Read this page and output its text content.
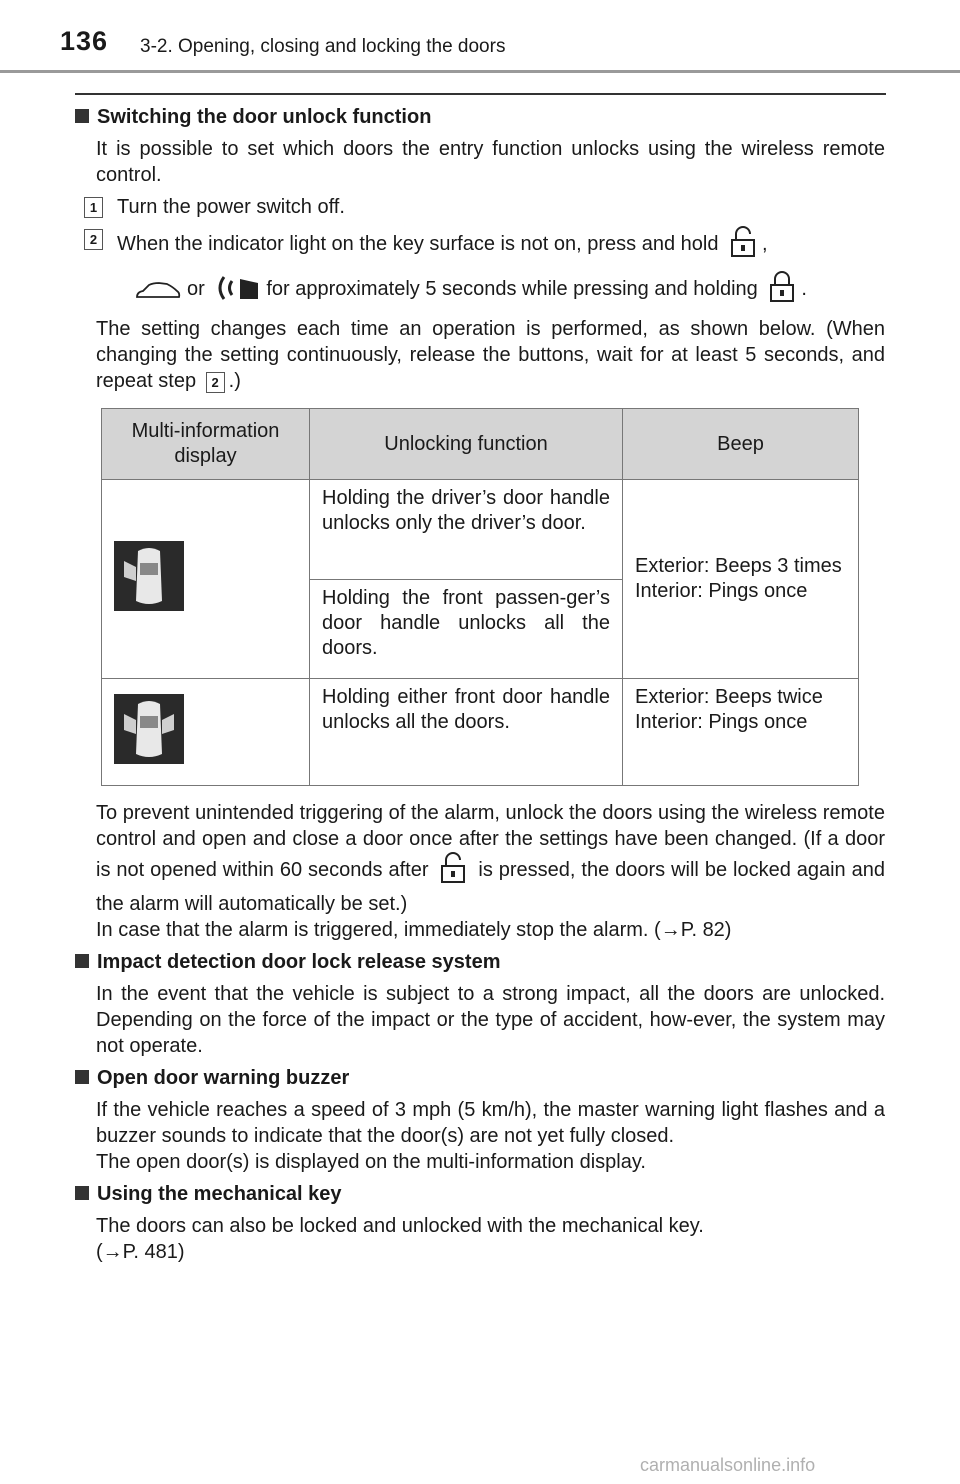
136 3-2. Opening, closing and locking the doors
Switching the door unlock function
It is possible to set which doors the entry function unlocks using the wireless remote control.
1 Turn the power switch off.
2 When the indicator light on the key surface is not on, press and hold ,
or	for approximately 5 seconds while pressing and holding .
The setting changes each time an operation is performed, as shown below. (When changing the setting continuously, release the buttons, wait for at least 5 seconds, and repeat step 2 .)
Multi-information display	Unlocking function	Beep
	Holding the driver’s door handle unlocks only the driver’s door.	Exterior: Beeps 3 times
Interior: Pings once
	Holding the front passen-ger’s door handle unlocks all the doors.	
	Holding either front door handle unlocks all the doors.	Exterior: Beeps twice
Interior: Pings once
To prevent unintended triggering of the alarm, unlock the doors using the wireless remote control and open and close a door once after the settings have been changed. (If a door is not opened within 60 seconds after is pressed, the doors will be locked again and the alarm will automatically be set.)
In case that the alarm is triggered, immediately stop the alarm. (→P. 82)
Impact detection door lock release system
In the event that the vehicle is subject to a strong impact, all the doors are unlocked. Depending on the force of the impact or the type of accident, how-ever, the system may not operate.
Open door warning buzzer
If the vehicle reaches a speed of 3 mph (5 km/h), the master warning light flashes and a buzzer sounds to indicate that the door(s) are not yet fully closed.
The open door(s) is displayed on the multi-information display.
Using the mechanical key
The doors can also be locked and unlocked with the mechanical key.
(→P. 481)
carmanualsonline.info
